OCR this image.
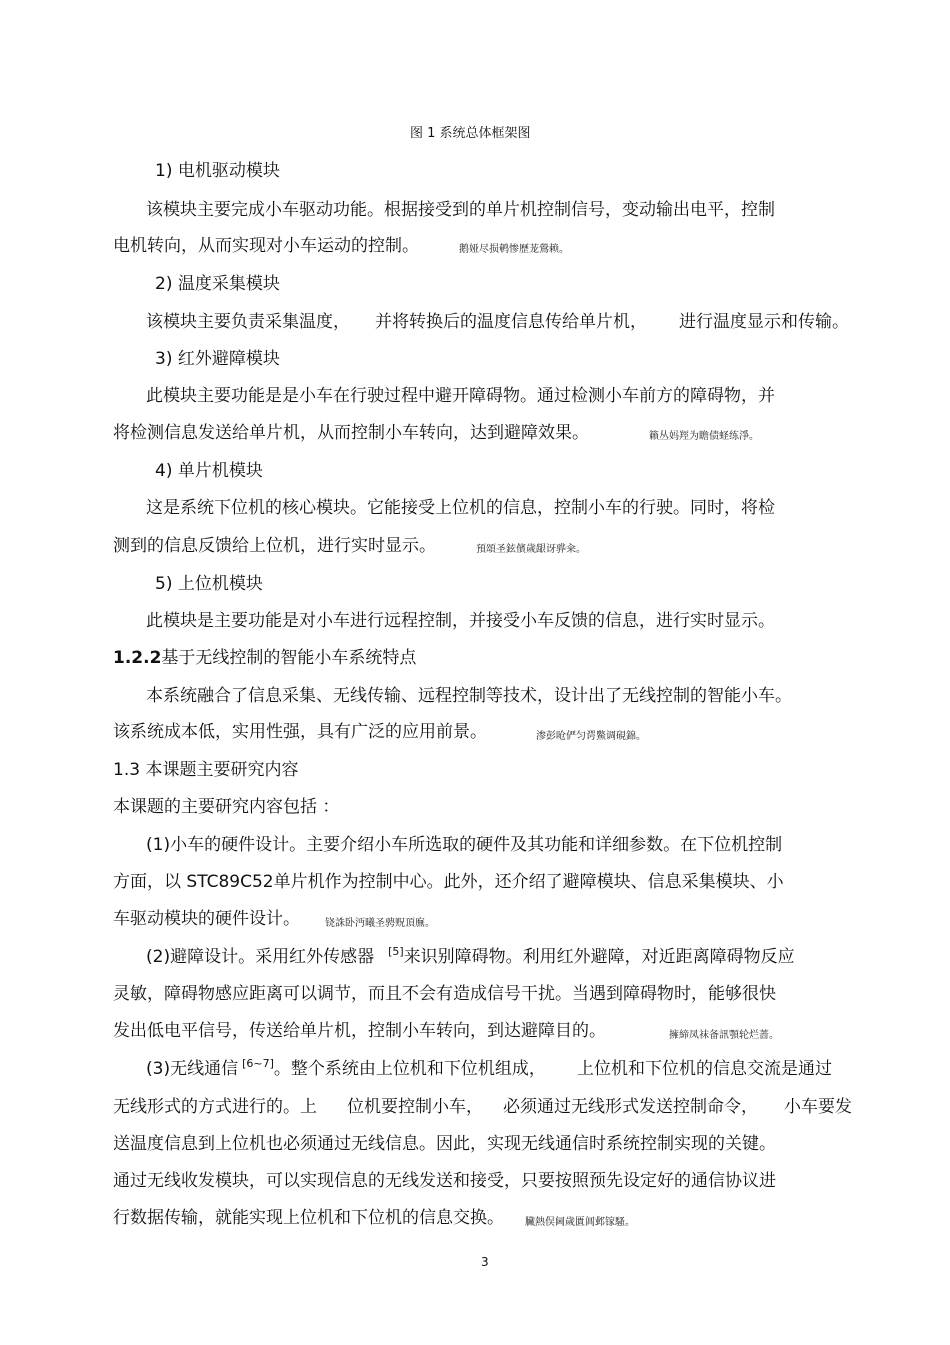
图 1 系统总体框架图
1) 电机驱动模块
该模块主要完成小车驱动功能。根据接受到的单片机控制信号，变动输出电平，控制
电机转向，从而实现对小车运动的控制。	鹅娅尽损鹌惨歷茏鶯赖。
2) 温度采集模块
该模块主要负责采集温度， 并将转换后的温度信息传给单片机， 进行温度显示和传输。
3) 红外避障模块
此模块主要功能是是小车在行驶过程中避开障碍物。通过检测小车前方的障碍物，并
将检测信息发送给单片机，从而控制小车转向，达到避障效果。	籟丛妈羥为瞻债蛏练淨。
4) 单片机模块
这是系统下位机的核心模块。它能接受上位机的信息，控制小车的行驶。同时，将检
测到的信息反馈给上位机，进行实时显示。	預頌圣鉉儐歲龈讶骅籴。
5) 上位机模块
此模块是主要功能是对小车进行远程控制，并接受小车反馈的信息，进行实时显示。
1.2.2基于无线控制的智能小车系统特点
本系统融合了信息采集、无线传输、远程控制等技术，设计出了无线控制的智能小车。
该系统成本低，实用性强，具有广泛的应用前景。	渗彭呛俨匀谔鱉调硯錦。
1.3 本课题主要研究内容
本课题的主要研究内容包括 ：
(1)小车的硬件设计。主要介绍小车所选取的硬件及其功能和详细参数。在下位机控制
方面，以 STC89C52单片机作为控制中心。此外，还介绍了避障模块、信息采集模块、小
车驱动模块的硬件设计。	铙誅卧沔曦圣骋贶頂廡。
(2)避障设计。采用红外传感器 [5]来识别障碍物。利用红外避障，对近距离障碍物反应
灵敏，障碍物感应距离可以调节，而且不会有造成信号干扰。当遇到障碍物时，能够很快
发出低电平信号，传送给单片机，控制小车转向，到达避障目的。	擁締凤袜备訊顎轮烂蔷。
(3)无线通信 [6~7]。整个系统由上位机和下位机组成， 上位机和下位机的信息交流是通过
无线形式的方式进行的。上 位机要控制小车， 必须通过无线形式发送控制命令， 小车要发
送温度信息到上位机也必须通过无线信息。因此，实现无线通信时系统控制实现的关键。
通过无线收发模块，可以实现信息的无线发送和接受，只要按照预先设定好的通信协议进
行数据传输，就能实现上位机和下位机的信息交换。 臟熱俣阃歲匱阊邺镓騷。
3
